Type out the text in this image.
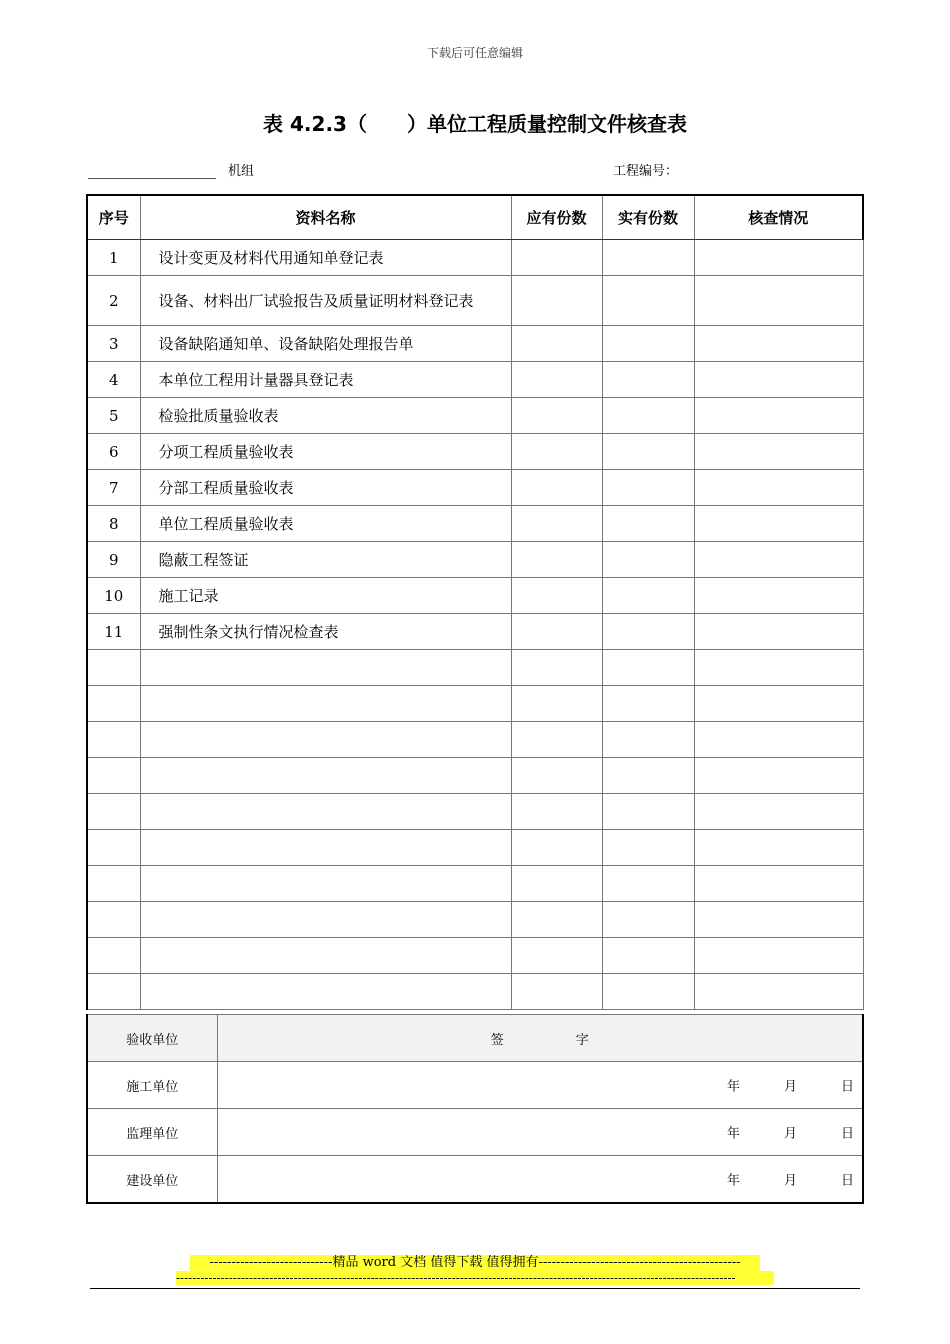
下载后可任意编辑
表 4.2.3（　　）单位工程质量控制文件核查表
机组	工程编号：
序号	资料名称	应有份数	实有份数	核查情况
1	设计变更及材料代用通知单登记表			
2	设备、材料出厂试验报告及质量证明材料登记表			
3	设备缺陷通知单、设备缺陷处理报告单			
4	本单位工程用计量器具登记表			
5	检验批质量验收表			
6	分项工程质量验收表			
7	分部工程质量验收表			
8	单位工程质量验收表			
9	隐蔽工程签证			
10	施工记录			
11	强制性条文执行情况检查表			

验收单位	签 字
施工单位	年 月 日

监理单位	年 月 日

建设单位	年 月 日
----------------------------精品 word 文档 值得下载 值得拥有----------------------------------------------
------------------------------------------------------------------------------------------------------------------------------------------
